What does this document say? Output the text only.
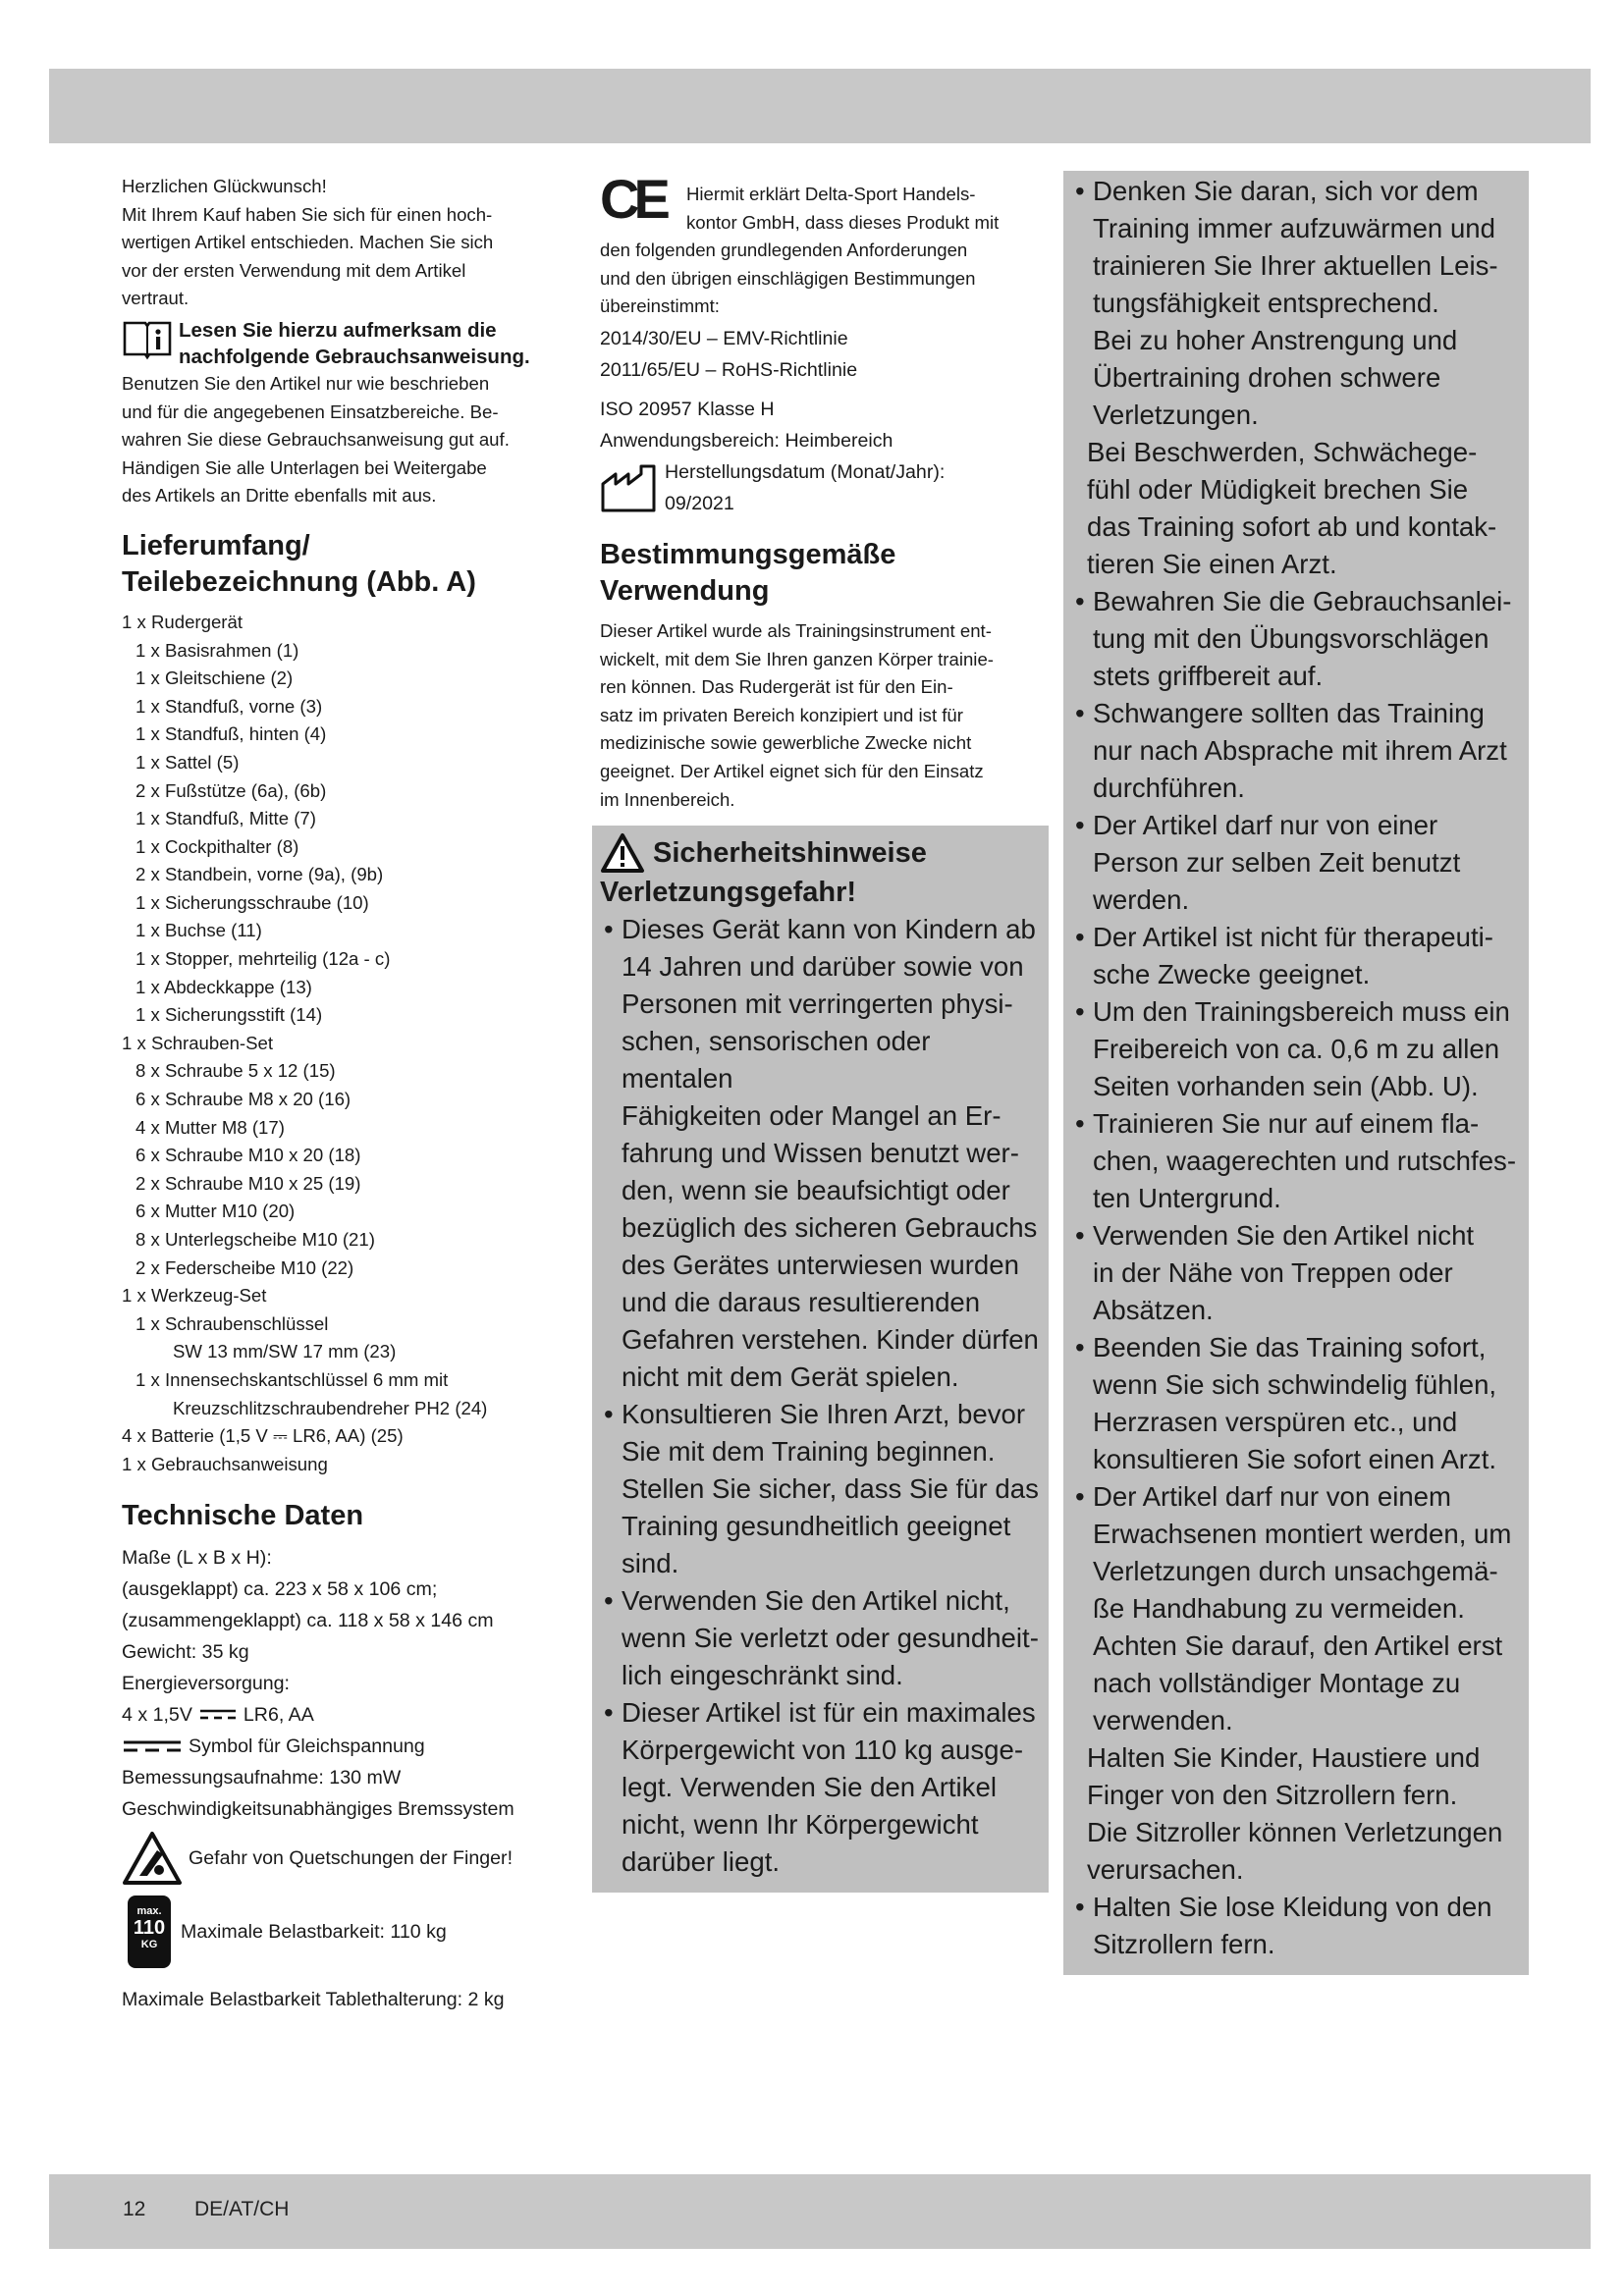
Herzlichen Glückwunsch!

Mit Ihrem Kauf haben Sie sich für einen hoch-

wertigen Artikel entschieden. Machen Sie sich

vor der ersten Verwendung mit dem Artikel

vertraut.

Lesen Sie hierzu aufmerksam die
nachfolgende Gebrauchsanweisung.

Benutzen Sie den Artikel nur wie beschrieben

und für die angegebenen Einsatzbereiche. Be-

wahren Sie diese Gebrauchsanweisung gut auf.

Händigen Sie alle Unterlagen bei Weitergabe

des Artikels an Dritte ebenfalls mit aus.

Lieferumfang/
Teilebezeichnung (Abb. A)

1 x Rudergerät

1 x Basisrahmen (1)

1 x Gleitschiene (2)

1 x Standfuß, vorne (3)

1 x Standfuß, hinten (4)

1 x Sattel (5)

2 x Fußstütze (6a), (6b)

1 x Standfuß, Mitte (7)

1 x Cockpithalter (8)

2 x Standbein, vorne (9a), (9b)

1 x Sicherungsschraube (10)

1 x Buchse (11)

1 x Stopper, mehrteilig (12a - c)

1 x Abdeckkappe (13)

1 x Sicherungsstift (14)

1 x Schrauben-Set

8 x Schraube 5 x 12 (15)

6 x Schraube M8 x 20 (16)

4 x Mutter M8 (17)

6 x Schraube M10 x 20 (18)

2 x Schraube M10 x 25 (19)

6 x Mutter M10 (20)

8 x Unterlegscheibe M10 (21)

2 x Federscheibe M10 (22)

1 x Werkzeug-Set

1 x Schraubenschlüssel

SW 13 mm/SW 17 mm (23)

1 x Innensechskantschlüssel 6 mm mit

Kreuzschlitzschraubendreher PH2 (24)

4 x Batterie (1,5 V ⎓ LR6, AA) (25)

1 x Gebrauchsanweisung

Technische Daten

Maße (L x B x H):

(ausgeklappt) ca. 223 x 58 x 106 cm;

(zusammengeklappt) ca. 118 x 58 x 146 cm

Gewicht: 35 kg

Energieversorgung:

4 x 1,5V	LR6, AA
Symbol für Gleichspannung

Bemessungsaufnahme: 130 mW

Geschwindigkeitsunabhängiges Bremssystem

Gefahr von Quetschungen der Finger!
max.
110
KG
Maximale Belastbarkeit: 110 kg

Maximale Belastbarkeit Tablethalterung: 2 kg

CE Hiermit erklärt Delta-Sport Handels-

kontor GmbH, dass dieses Produkt mit

den folgenden grundlegenden Anforderungen

und den übrigen einschlägigen Bestimmungen

übereinstimmt:

2014/30/EU – EMV-Richtlinie

2011/65/EU – RoHS-Richtlinie

ISO 20957 Klasse H

Anwendungsbereich: Heimbereich

Herstellungsdatum (Monat/Jahr):

09/2021

Bestimmungsgemäße
Verwendung

Dieser Artikel wurde als Trainingsinstrument ent-

wickelt, mit dem Sie Ihren ganzen Körper trainie-

ren können. Das Rudergerät ist für den Ein-

satz im privaten Bereich konzipiert und ist für

medizinische sowie gewerbliche Zwecke nicht

geeignet. Der Artikel eignet sich für den Einsatz

im Innenbereich.

Sicherheitshinweise
Verletzungsgefahr!

• Dieses Gerät kann von Kindern ab

14 Jahren und darüber sowie von

Personen mit verringerten physi-

schen, sensorischen oder mentalen

Fähigkeiten oder Mangel an Er-

fahrung und Wissen benutzt wer-

den, wenn sie beaufsichtigt oder

bezüglich des sicheren Gebrauchs

des Gerätes unterwiesen wurden

und die daraus resultierenden

Gefahren verstehen. Kinder dürfen

nicht mit dem Gerät spielen.

• Konsultieren Sie Ihren Arzt, bevor

Sie mit dem Training beginnen.

Stellen Sie sicher, dass Sie für das

Training gesundheitlich geeignet

sind.

• Verwenden Sie den Artikel nicht,

wenn Sie verletzt oder gesundheit-

lich eingeschränkt sind.

• Dieser Artikel ist für ein maximales

Körpergewicht von 110 kg ausge-

legt. Verwenden Sie den Artikel

nicht, wenn Ihr Körpergewicht

darüber liegt.

• Denken Sie daran, sich vor dem

Training immer aufzuwärmen und

trainieren Sie Ihrer aktuellen Leis-

tungsfähigkeit entsprechend.

Bei zu hoher Anstrengung und

Übertraining drohen schwere

Verletzungen.

Bei Beschwerden, Schwächege-

fühl oder Müdigkeit brechen Sie

das Training sofort ab und kontak-

tieren Sie einen Arzt.

• Bewahren Sie die Gebrauchsanlei-

tung mit den Übungsvorschlägen

stets griffbereit auf.

• Schwangere sollten das Training

nur nach Absprache mit ihrem Arzt

durchführen.

• Der Artikel darf nur von einer

Person zur selben Zeit benutzt

werden.

• Der Artikel ist nicht für therapeuti-

sche Zwecke geeignet.

• Um den Trainingsbereich muss ein

Freibereich von ca. 0,6 m zu allen

Seiten vorhanden sein (Abb. U).

• Trainieren Sie nur auf einem fla-

chen, waagerechten und rutschfes-

ten Untergrund.

• Verwenden Sie den Artikel nicht

in der Nähe von Treppen oder

Absätzen.

• Beenden Sie das Training sofort,

wenn Sie sich schwindelig fühlen,

Herzrasen verspüren etc., und

konsultieren Sie sofort einen Arzt.

• Der Artikel darf nur von einem

Erwachsenen montiert werden, um

Verletzungen durch unsachgemä-

ße Handhabung zu vermeiden.

Achten Sie darauf, den Artikel erst

nach vollständiger Montage zu

verwenden.

Halten Sie Kinder, Haustiere und

Finger von den Sitzrollern fern.

Die Sitzroller können Verletzungen

verursachen.

• Halten Sie lose Kleidung von den

Sitzrollern fern.

12 DE/AT/CH
